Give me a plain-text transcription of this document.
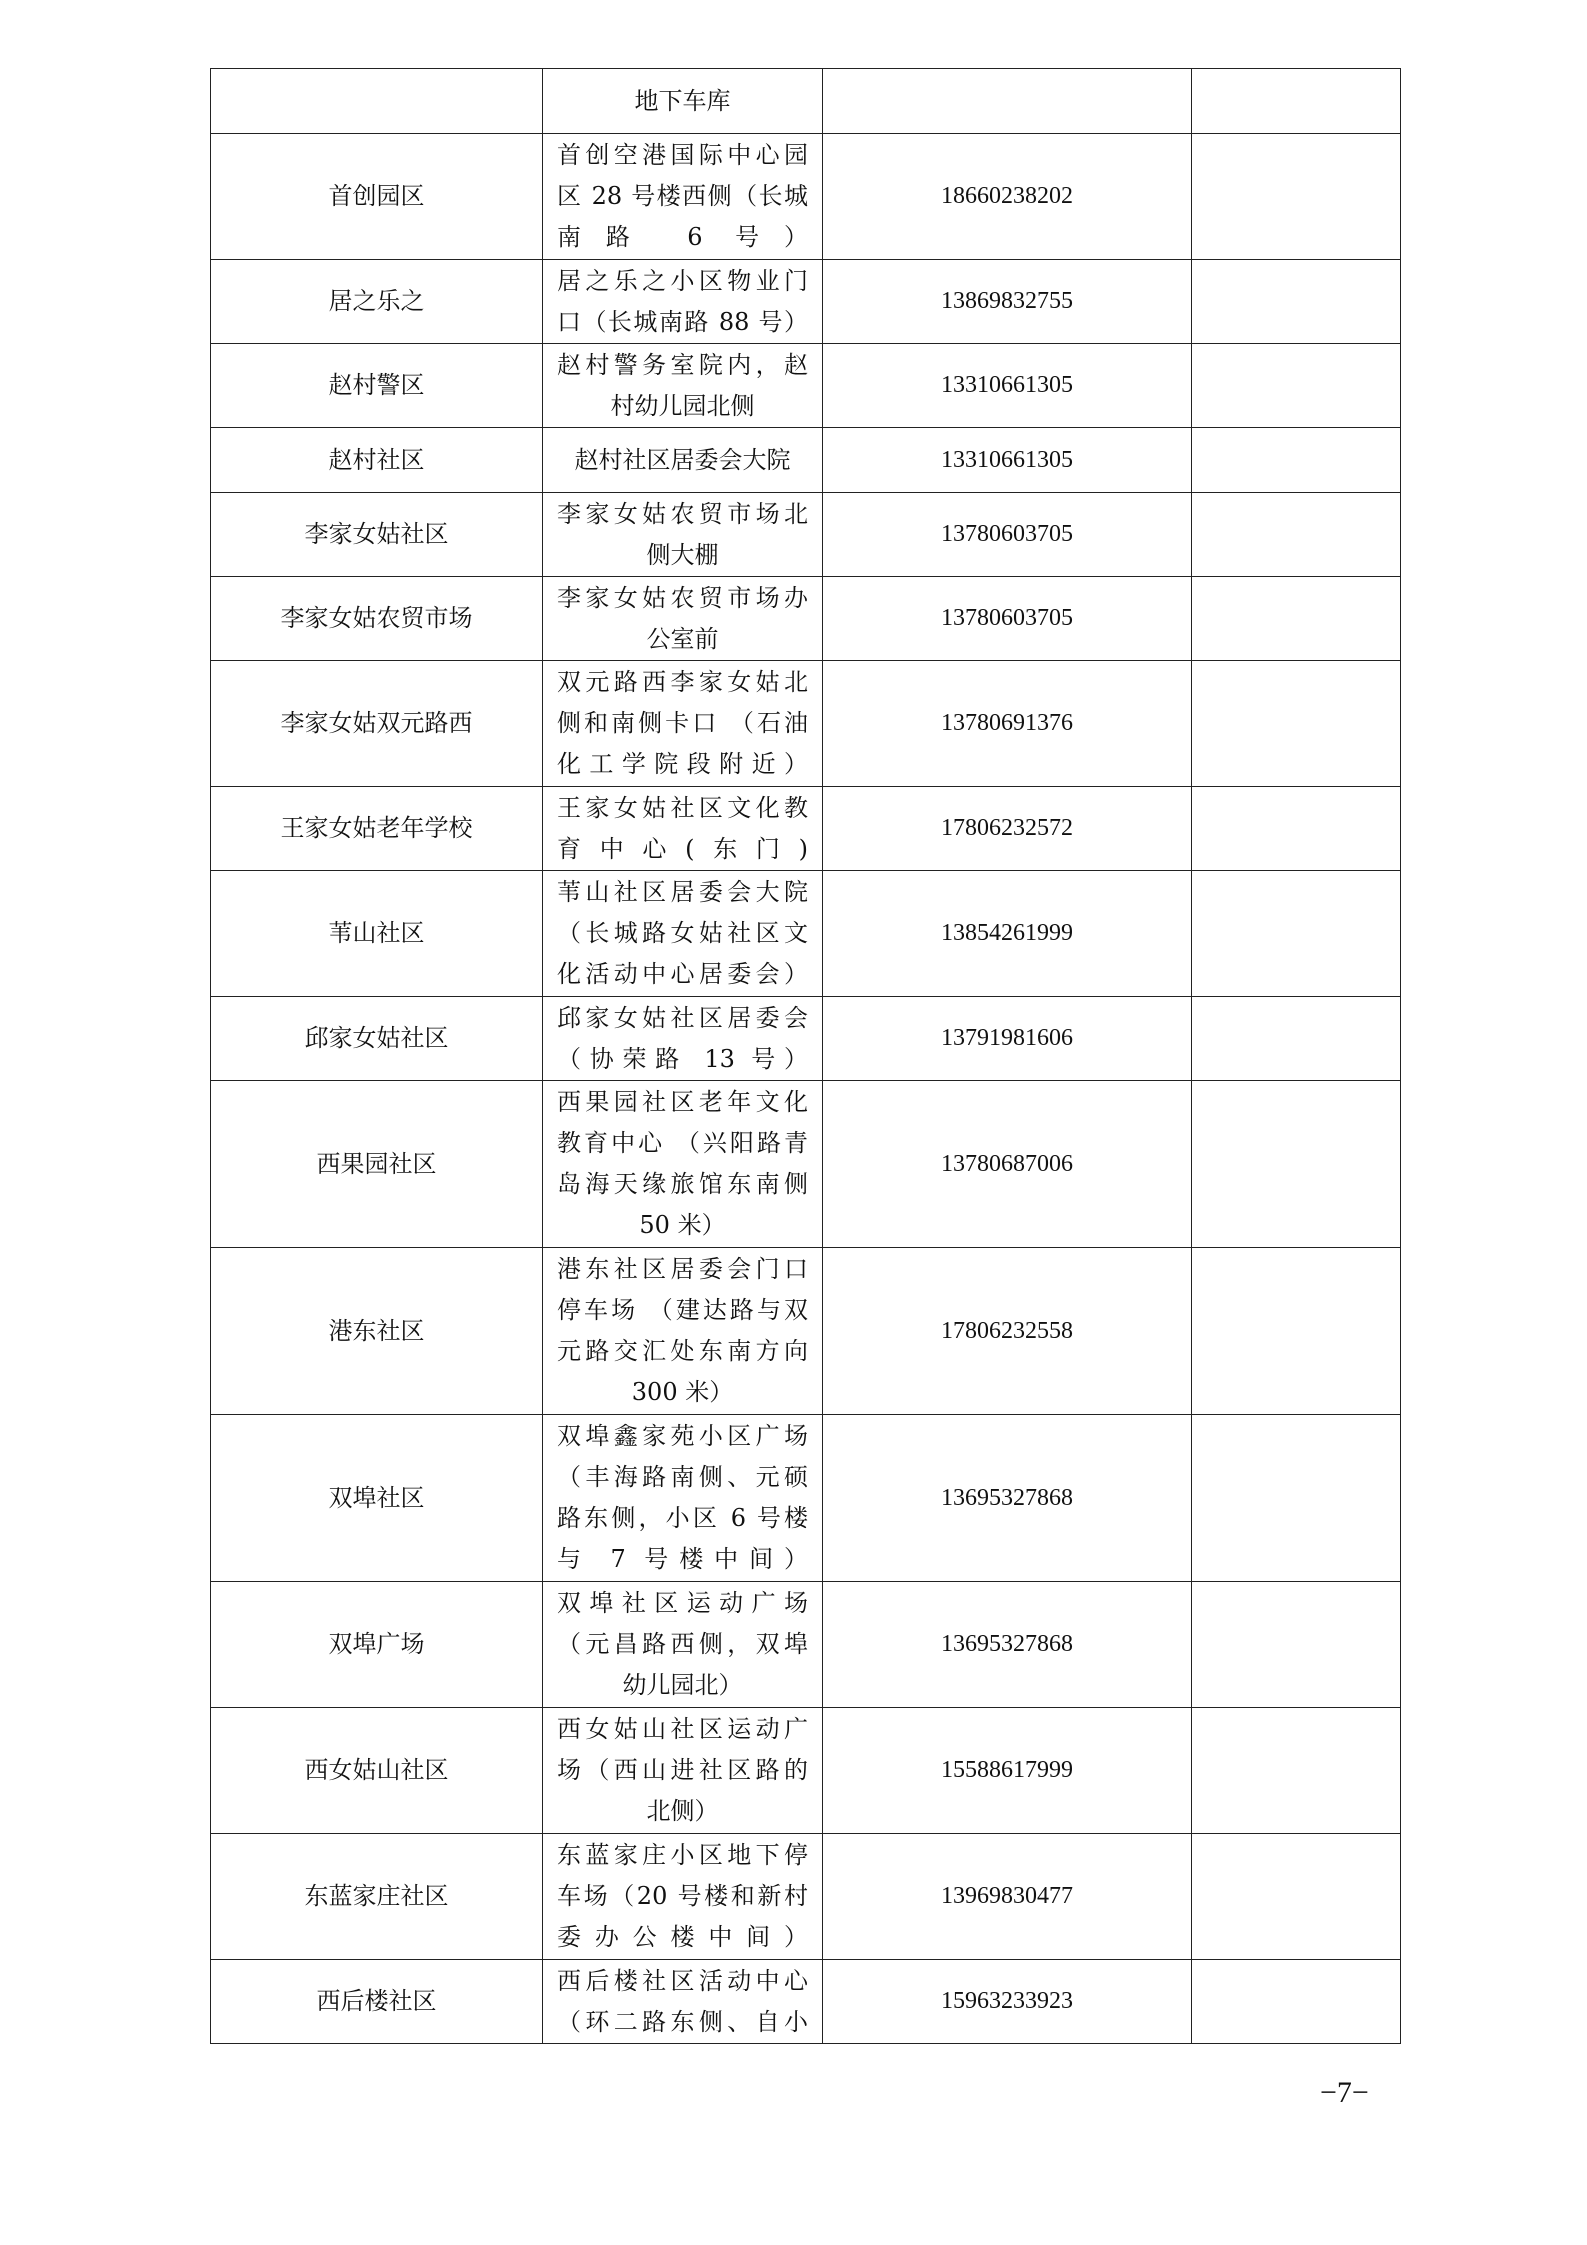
	地下车库		

首创园区	首创空港国际中心园
区 28 号楼西侧（长城
南路 6 号）	18660238202	
居之乐之	居之乐之小区物业门
口（长城南路 88 号）	13869832755	
赵村警区	赵村警务室院内，赵
村幼儿园北侧	13310661305	
赵村社区	赵村社区居委会大院	13310661305	
李家女姑社区	李家女姑农贸市场北
侧大棚	13780603705	
李家女姑农贸市场	李家女姑农贸市场办
公室前	13780603705	
李家女姑双元路西	双元路西李家女姑北
侧和南侧卡口 （石油
化工学院段附近）	13780691376	
王家女姑老年学校	王家女姑社区文化教
育中心(东门)	17806232572	
苇山社区	苇山社区居委会大院
（长城路女姑社区文
化活动中心居委会）	13854261999	
邱家女姑社区	邱家女姑社区居委会
（协荣路 13 号）	13791981606	
西果园社区	西果园社区老年文化
教育中心 （兴阳路青
岛海天缘旅馆东南侧
50 米）	13780687006	
港东社区	港东社区居委会门口
停车场 （建达路与双
元路交汇处东南方向
300 米）	17806232558	
双埠社区	双埠鑫家苑小区广场
（丰海路南侧、元硕
路东侧，小区 6 号楼
与 7 号楼中间）	13695327868	
双埠广场	双埠社区运动广场
（元昌路西侧，双埠
幼儿园北）	13695327868	
西女姑山社区	西女姑山社区运动广
场（西山进社区路的
北侧）	15588617999	
东蓝家庄社区	东蓝家庄小区地下停
车场（20 号楼和新村
委办公楼中间）	13969830477	
西后楼社区	西后楼社区活动中心
（环二路东侧、自小	15963233923	
−7−
